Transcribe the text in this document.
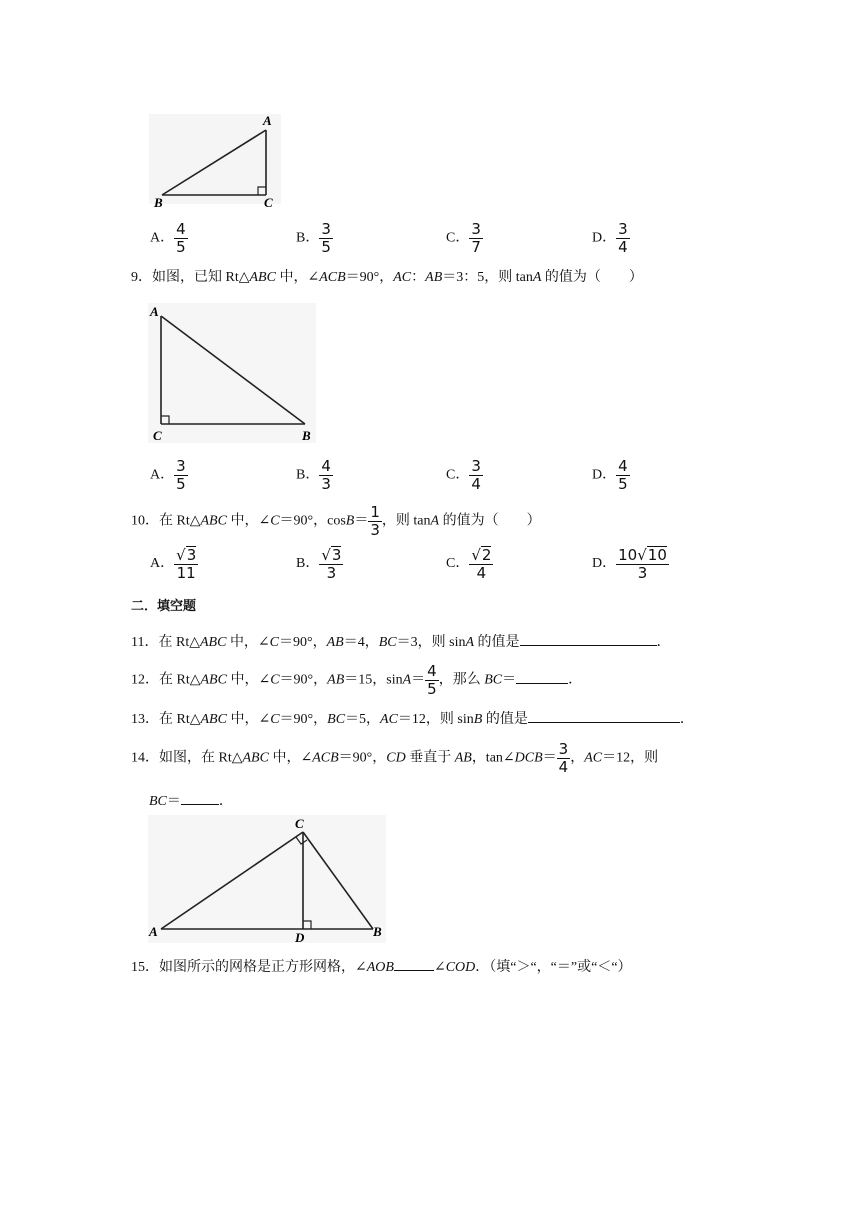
A
B	C
A． $\frac{4}{5}$	B． $\frac{3}{5}$	C． $\frac{3}{7}$	D． $\frac{3}{4}$
9．如图，已知 Rt△ABC 中，∠ACB＝90°，AC：AB＝3：5，则 tanA 的值为（　　）
A
C	B
A． $\frac{3}{5}$	B． $\frac{4}{3}$	C． $\frac{3}{4}$	D． $\frac{4}{5}$
10．在 Rt△ABC 中，∠C＝90°，$\cos B= \frac{1}{3}$ ，则 tanA 的值为（　　）
A． $\frac{√3}{11}$	B． $\frac{√3}{3}$	C． $\frac{√2}{4}$	D． $\frac{10√10}{3}$
二．填空题
11．在 Rt△ABC 中，∠C＝90°，AB＝4，BC＝3，则 sinA 的值是	．
12．在 Rt△ABC 中，∠C＝90°，AB＝15，$\sin A= \frac{4}{5}$ ，那么 BC＝	．
13．在 Rt△ABC 中，∠C＝90°，BC＝5，AC＝12，则 sinB 的值是	．
14．如图，在 Rt△ABC 中，∠ACB＝90°，CD 垂直于 AB，tan∠DCB＝ $\frac{3}{4}$ ，AC＝12，则
BC＝	．
C
A	D	B
15．如图所示的网格是正方形网格，∠AOB	∠COD．（填“＞“，“＝”或“＜“）
